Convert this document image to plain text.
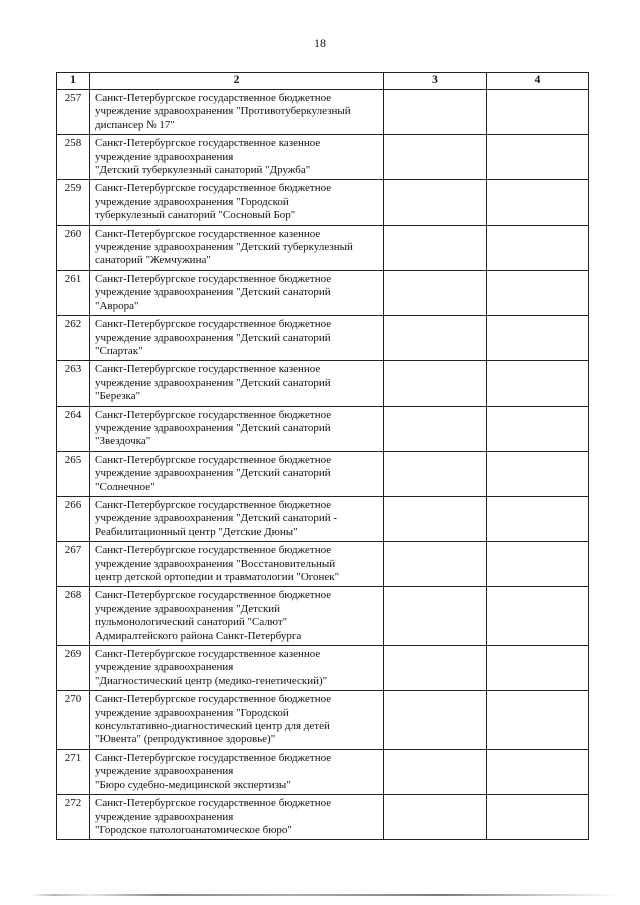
18
1	2	3	4
257	Санкт-Петербургское государственное бюджетное
учреждение здравоохранения "Противотуберкулезный
диспансер № 17"		

258	Санкт-Петербургское государственное казенное
учреждение здравоохранения
"Детский туберкулезный санаторий "Дружба"		

259	Санкт-Петербургское государственное бюджетное
учреждение здравоохранения "Городской
туберкулезный санаторий "Сосновый Бор"		

260	Санкт-Петербургское государственное казенное
учреждение здравоохранения "Детский туберкулезный
санаторий "Жемчужина"		

261	Санкт-Петербургское государственное бюджетное
учреждение здравоохранения "Детский санаторий
"Аврора"		

262	Санкт-Петербургское государственное бюджетное
учреждение здравоохранения "Детский санаторий
"Спартак"		

263	Санкт-Петербургское государственное казенное
учреждение здравоохранения "Детский санаторий
"Березка"		

264	Санкт-Петербургское государственное бюджетное
учреждение здравоохранения "Детский санаторий
"Звездочка"		

265	Санкт-Петербургское государственное бюджетное
учреждение здравоохранения "Детский санаторий
"Солнечное"		

266	Санкт-Петербургское государственное бюджетное
учреждение здравоохранения "Детский санаторий -
Реабилитационный центр "Детские Дюны"		

267	Санкт-Петербургское государственное бюджетное
учреждение здравоохранения "Восстановительный
центр детской ортопедии и травматологии "Огонек"		

268	Санкт-Петербургское государственное бюджетное
учреждение здравоохранения "Детский
пульмонологический санаторий "Салют"
Адмиралтейского района Санкт-Петербурга		

269	Санкт-Петербургское государственное казенное
учреждение здравоохранения
"Диагностический центр (медико-генетический)"		

270	Санкт-Петербургское государственное бюджетное
учреждение здравоохранения "Городской
консультативно-диагностический центр для детей
"Ювента" (репродуктивное здоровье)"		

271	Санкт-Петербургское государственное бюджетное
учреждение здравоохранения
"Бюро судебно-медицинской экспертизы"		

272	Санкт-Петербургское государственное бюджетное
учреждение здравоохранения
"Городское патологоанатомическое бюро"		
